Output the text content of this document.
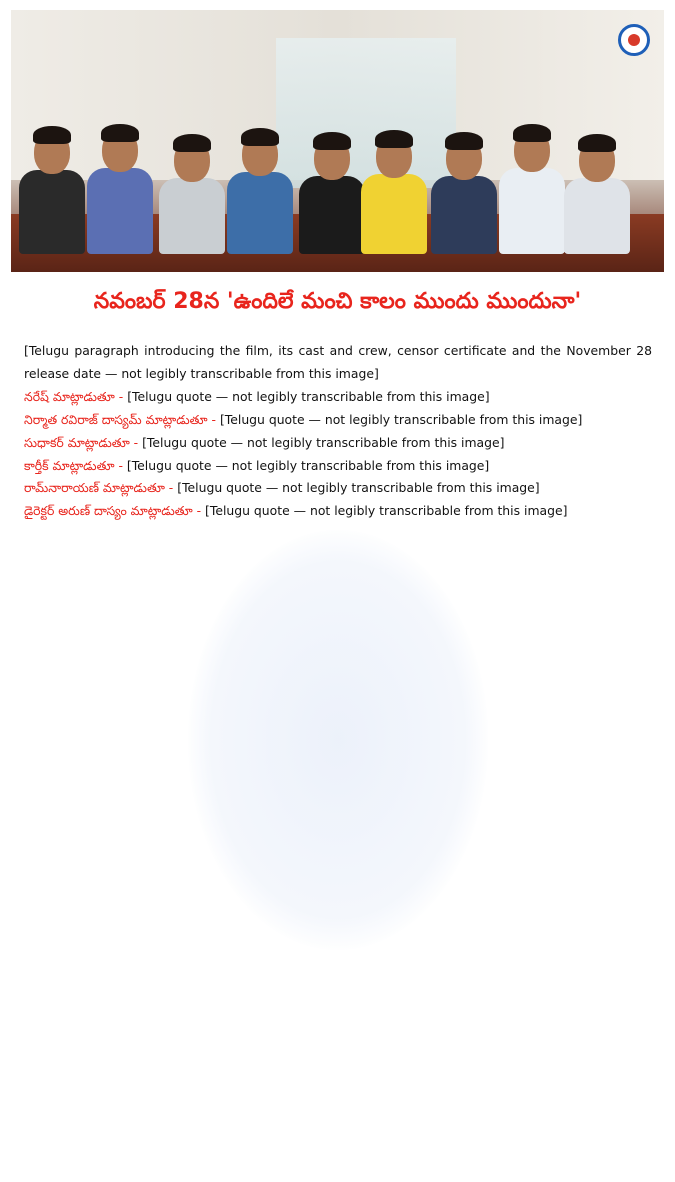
నవంబర్ 28న 'ఉందిలే మంచి కాలం ముందు ముందునా'

[Telugu paragraph introducing the film, its cast and crew, censor certificate and the November 28 release date — not legibly transcribable from this image]

నరేష్ మాట్లాడుతూ - [Telugu quote — not legibly transcribable from this image]

నిర్మాత రవిరాజ్ దాస్యమ్ మాట్లాడుతూ - [Telugu quote — not legibly transcribable from this image]

సుధాకర్ మాట్లాడుతూ - [Telugu quote — not legibly transcribable from this image]

కార్తీక్ మాట్లాడుతూ - [Telugu quote — not legibly transcribable from this image]

రామ్‌నారాయణ్ మాట్లాడుతూ - [Telugu quote — not legibly transcribable from this image]

డైరెక్టర్ అరుణ్ దాస్యం మాట్లాడుతూ - [Telugu quote — not legibly transcribable from this image]
